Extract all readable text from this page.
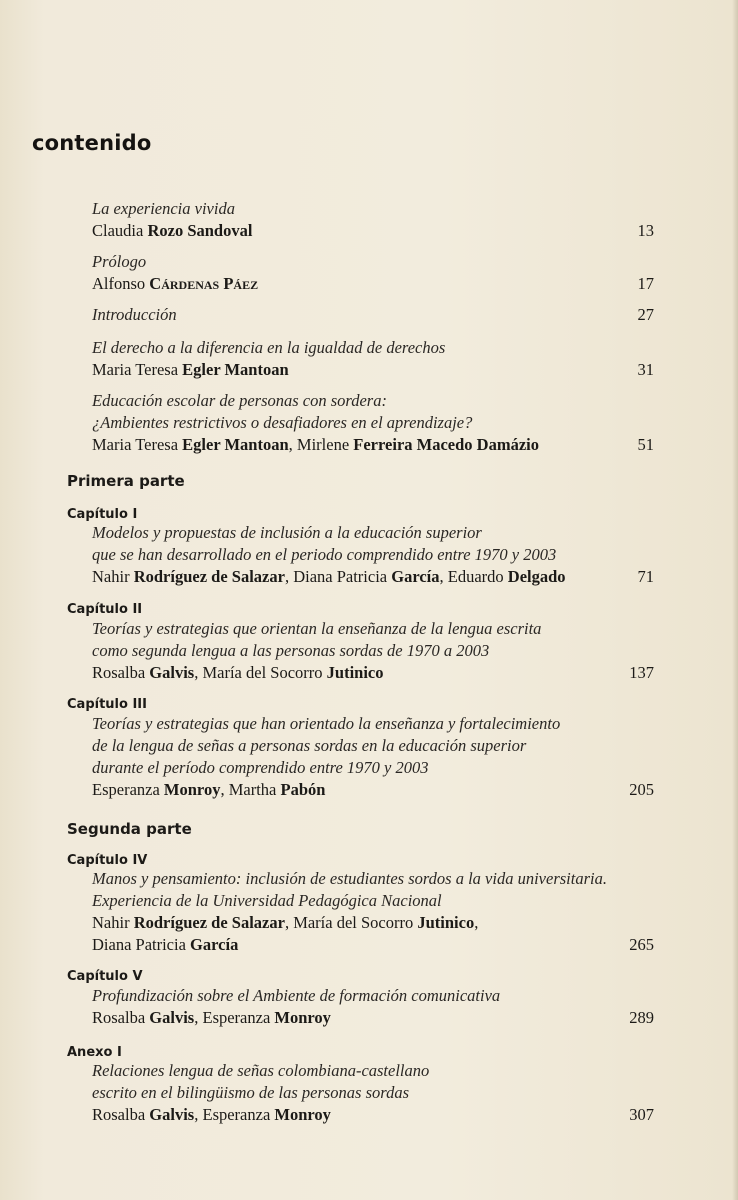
contenido
La experiencia vivida
Claudia Rozo Sandoval	13
Prólogo
Alfonso Cárdenas Páez	17
Introducción	27
El derecho a la diferencia en la igualdad de derechos
Maria Teresa Egler Mantoan	31
Educación escolar de personas con sordera:
¿Ambientes restrictivos o desafiadores en el aprendizaje?
Maria Teresa Egler Mantoan, Mirlene Ferreira Macedo Damázio	51
Primera parte
Capítulo I
Modelos y propuestas de inclusión a la educación superior
que se han desarrollado en el periodo comprendido entre 1970 y 2003
Nahir Rodríguez de Salazar, Diana Patricia García, Eduardo Delgado	71
Capítulo II
Teorías y estrategias que orientan la enseñanza de la lengua escrita
como segunda lengua a las personas sordas de 1970 a 2003
Rosalba Galvis, María del Socorro Jutinico	137
Capítulo III
Teorías y estrategias que han orientado la enseñanza y fortalecimiento
de la lengua de señas a personas sordas en la educación superior
durante el período comprendido entre 1970 y 2003
Esperanza Monroy, Martha Pabón	205
Segunda parte
Capítulo IV
Manos y pensamiento: inclusión de estudiantes sordos a la vida universitaria.
Experiencia de la Universidad Pedagógica Nacional
Nahir Rodríguez de Salazar, María del Socorro Jutinico,
Diana Patricia García	265
Capítulo V
Profundización sobre el Ambiente de formación comunicativa
Rosalba Galvis, Esperanza Monroy	289
Anexo I
Relaciones lengua de señas colombiana-castellano
escrito en el bilingüismo de las personas sordas
Rosalba Galvis, Esperanza Monroy	307
